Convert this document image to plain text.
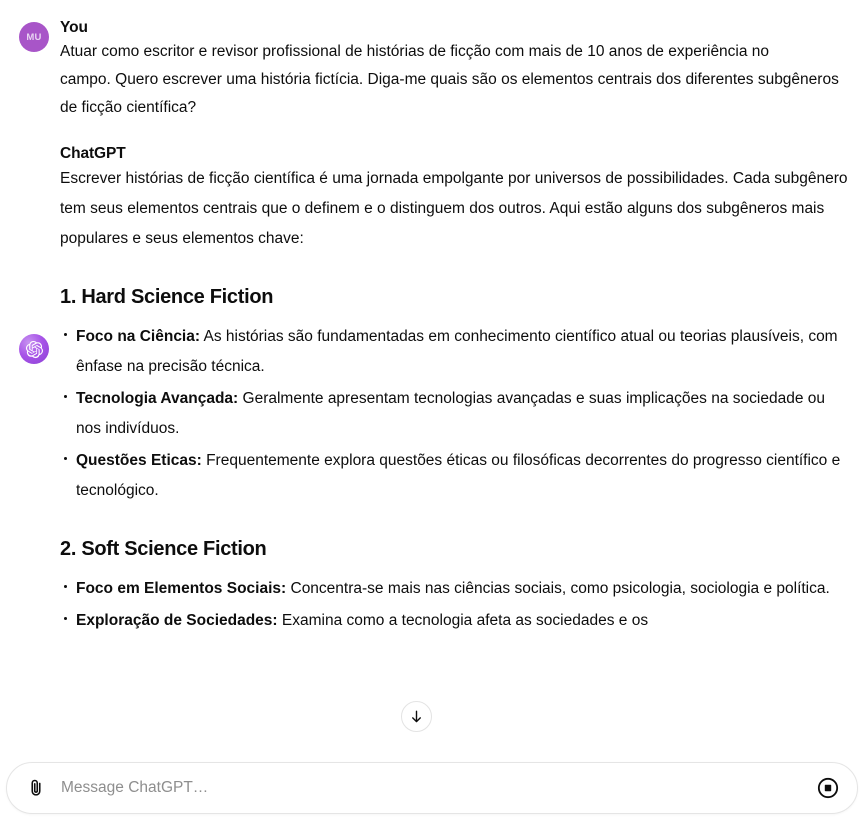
MU
You

Atuar como escritor e revisor profissional de histórias de ficção com mais de 10 anos de experiência no

campo. Quero escrever uma história fictícia. Diga-me quais são os elementos centrais dos diferentes subgêneros de ficção científica?

ChatGPT

Escrever histórias de ficção científica é uma jornada empolgante por universos de possibilidades. Cada subgênero tem seus elementos centrais que o definem e o distinguem dos outros. Aqui estão alguns dos subgêneros mais populares e seus elementos chave:

1. Hard Science Fiction
Foco na Ciência: As histórias são fundamentadas em conhecimento científico atual ou teorias plausíveis, com ênfase na precisão técnica.
Tecnologia Avançada: Geralmente apresentam tecnologias avançadas e suas implicações na sociedade ou nos indivíduos.
Questões Eticas: Frequentemente explora questões éticas ou filosóficas decorrentes do progresso científico e tecnológico.
2. Soft Science Fiction
Foco em Elementos Sociais: Concentra-se mais nas ciências sociais, como psicologia, sociologia e política.
Exploração de Sociedades: Examina como a tecnologia afeta as sociedades e os
Message ChatGPT…
